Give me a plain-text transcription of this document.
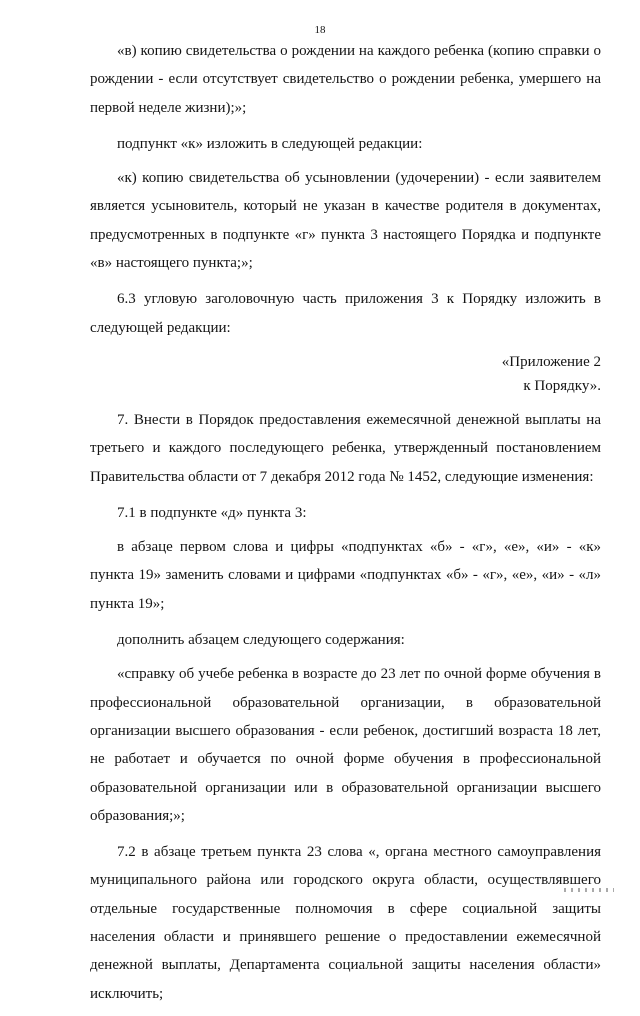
18

«в) копию свидетельства о рождении на каждого ребенка (копию справки о рождении - если отсутствует свидетельство о рождении ребенка, умершего на первой неделе жизни);»;

подпункт «к» изложить в следующей редакции:

«к) копию свидетельства об усыновлении (удочерении) - если заявителем является усыновитель, который не указан в качестве родителя в документах, предусмотренных в подпункте «г» пункта 3 настоящего Порядка и подпункте «в» настоящего пункта;»;

6.3 угловую заголовочную часть приложения 3 к Порядку изложить в следующей редакции:

«Приложение 2
к Порядку».

7. Внести в Порядок предоставления ежемесячной денежной выплаты на третьего и каждого последующего ребенка, утвержденный постановлением Правительства области от 7 декабря 2012 года № 1452, следующие изменения:

7.1 в подпункте «д» пункта 3:

в абзаце первом слова и цифры «подпунктах «б» - «г», «е», «и» - «к» пункта 19» заменить словами и цифрами «подпунктах «б» - «г», «е», «и» - «л» пункта 19»;

дополнить абзацем следующего содержания:

«справку об учебе ребенка в возрасте до 23 лет по очной форме обучения в профессиональной образовательной организации, в образовательной организации высшего образования - если ребенок, достигший возраста 18 лет, не работает и обучается по очной форме обучения в профессиональной образовательной организации или в образовательной организации высшего образования;»;

7.2 в абзаце третьем пункта 23 слова «, органа местного самоуправления муниципального района или городского округа области, осуществлявшего отдельные государственные полномочия в сфере социальной защиты населения области и принявшего решение о предоставлении ежемесячной денежной выплаты, Департамента социальной защиты населения области» исключить;
